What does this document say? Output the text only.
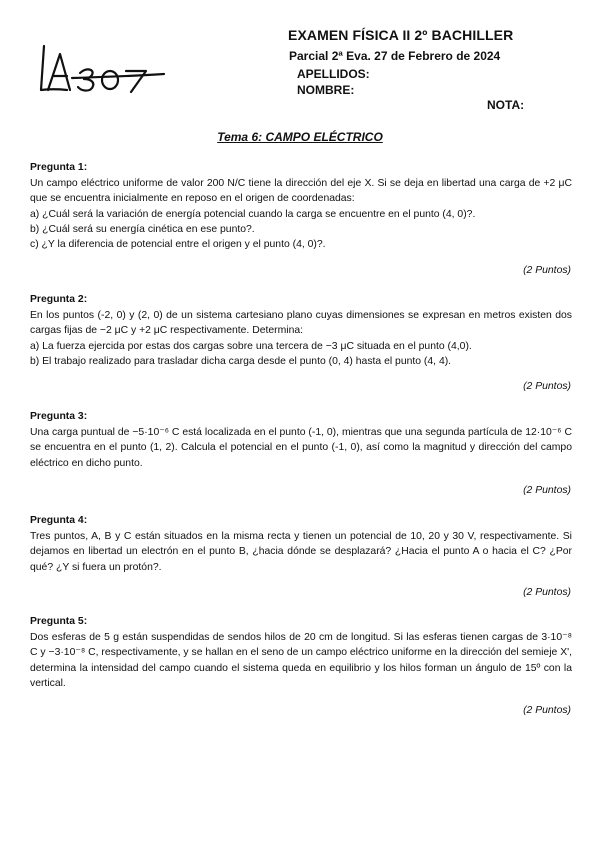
EXAMEN FÍSICA II 2º BACHILLER
Parcial 2ª Eva. 27 de Febrero de 2024
APELLIDOS:
NOMBRE:
NOTA:
Tema 6: CAMPO ELÉCTRICO
Pregunta 1:

Un campo eléctrico uniforme de valor 200 N/C tiene la dirección del eje X. Si se deja en libertad una carga de +2 μC que se encuentra inicialmente en reposo en el origen de coordenadas:

a) ¿Cuál será la variación de energía potencial cuando la carga se encuentre en el punto (4, 0)?.

b) ¿Cuál será su energía cinética en ese punto?.

c) ¿Y la diferencia de potencial entre el origen y el punto (4, 0)?.

(2 Puntos)
Pregunta 2:

En los puntos (-2, 0) y (2, 0) de un sistema cartesiano plano cuyas dimensiones se expresan en metros existen dos cargas fijas de −2 μC y +2 μC respectivamente. Determina:

a) La fuerza ejercida por estas dos cargas sobre una tercera de −3 μC situada en el punto (4,0).

b) El trabajo realizado para trasladar dicha carga desde el punto (0, 4) hasta el punto (4, 4).

(2 Puntos)
Pregunta 3:

Una carga puntual de −5·10⁻⁶ C está localizada en el punto (-1, 0), mientras que una segunda partícula de 12·10⁻⁶ C se encuentra en el punto (1, 2). Calcula el potencial en el punto (-1, 0), así como la magnitud y dirección del campo eléctrico en dicho punto.

(2 Puntos)
Pregunta 4:

Tres puntos, A, B y C están situados en la misma recta y tienen un potencial de 10, 20 y 30 V, respectivamente. Si dejamos en libertad un electrón en el punto B, ¿hacia dónde se desplazará? ¿Hacia el punto A o hacia el C? ¿Por qué? ¿Y si fuera un protón?.

(2 Puntos)
Pregunta 5:

Dos esferas de 5 g están suspendidas de sendos hilos de 20 cm de longitud. Si las esferas tienen cargas de 3·10⁻⁸ C y −3·10⁻⁸ C, respectivamente, y se hallan en el seno de un campo eléctrico uniforme en la dirección del semieje X', determina la intensidad del campo cuando el sistema queda en equilibrio y los hilos forman un ángulo de 15º con la vertical.

(2 Puntos)
